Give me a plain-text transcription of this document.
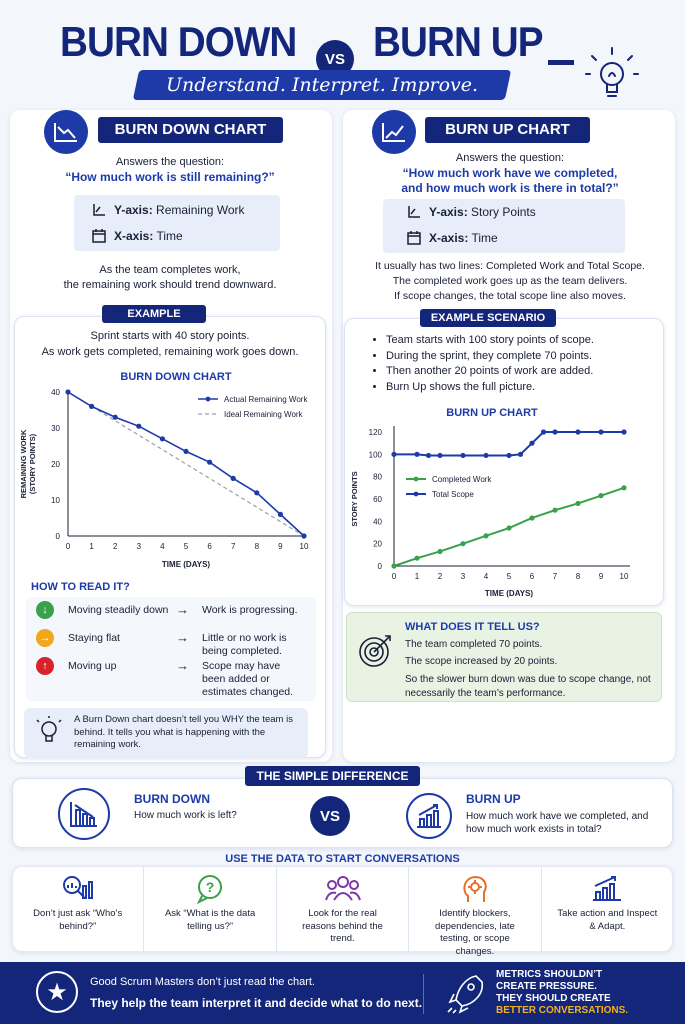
BURN DOWN	VS BURN UP
Understand. Interpret. Improve.
BURN DOWN CHART
Answers the question:
“How much work is still remaining?”
Y-axis: Remaining Work
X-axis: Time
As the team completes work,
the remaining work should trend downward.
EXAMPLE
Sprint starts with 40 story points.
As work gets completed, remaining work goes down.
BURN DOWN CHART
0
10
20
30
40
0 1 2 3 4 5 6 7 8 9 10
TIME (DAYS)
REMAINING WORK(STORY POINTS)
Actual Remaining Work
Ideal Remaining Work
HOW TO READ IT?
↓	Moving steadily down →	Work is progressing.
→	Staying flat	→	Little or no work is being completed.
↑	Moving up	→	Scope may have been added or estimates changed.
A Burn Down chart doesn’t tell you WHY the team is behind. It tells you what is happening with the remaining work.
BURN UP CHART
Answers the question:
“How much work have we completed,
and how much work is there in total?”
Y-axis: Story Points
X-axis: Time
It usually has two lines: Completed Work and Total Scope.
The completed work goes up as the team delivers.
If scope changes, the total scope line also moves.
EXAMPLE SCENARIO
• Team starts with 100 story points of scope.
• During the sprint, they complete 70 points.
• Then another 20 points of work are added.
• Burn Up shows the full picture.
BURN UP CHART
0
20
40
60
80
100
120
0 1 2 3 4 5 6 7 8 9 10
TIME (DAYS)
STORY POINTS	Completed Work
Total Scope
WHAT DOES IT TELL US?
The team completed 70 points.
The scope increased by 20 points.
So the slower burn down was due to scope change, not necessarily the team’s performance.
THE SIMPLE DIFFERENCE
BURN DOWN
How much work is left?	VS
BURN UP
How much work have we completed, and how much work exists in total?
USE THE DATA TO START CONVERSATIONS
Don’t just ask “Who’s behind?”
?
Ask “What is the data telling us?”
Look for the real reasons behind the trend.
Identify blockers, dependencies, late testing, or scope changes.
Take action and Inspect & Adapt.
★	Good Scrum Masters don’t just read the chart.
They help the team interpret it and decide what to do next.
METRICS SHOULDN’T
CREATE PRESSURE.
THEY SHOULD CREATE
BETTER CONVERSATIONS.
